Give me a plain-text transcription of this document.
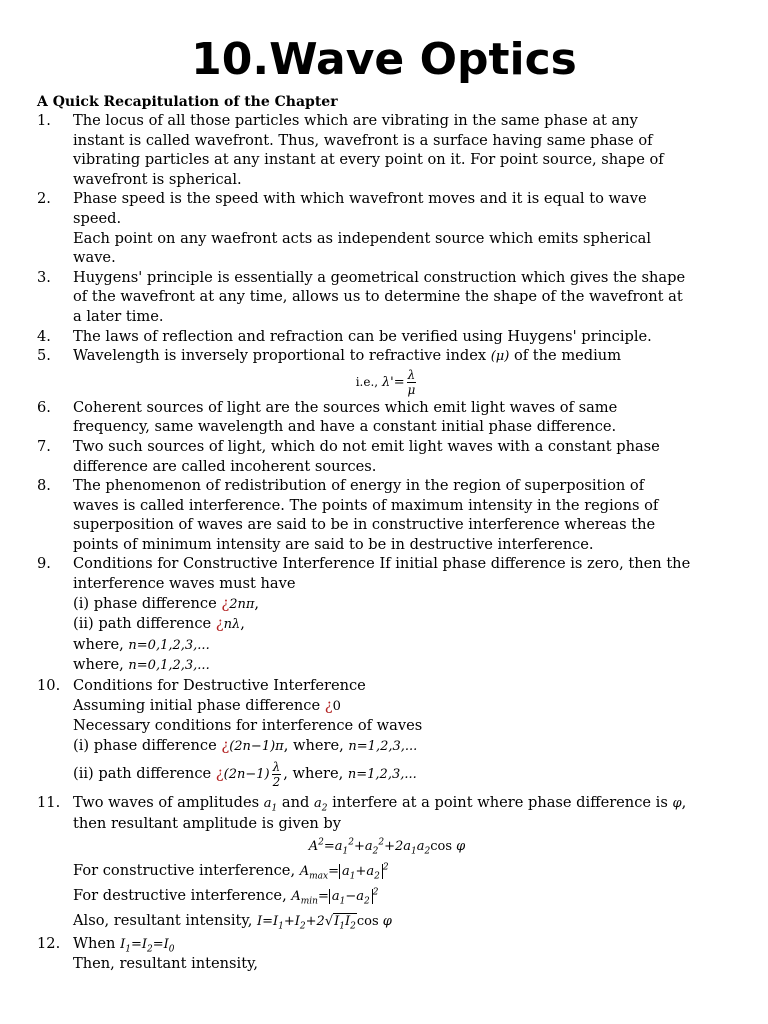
10.Wave Optics
A Quick Recapitulation of the Chapter
1. The locus of all those particles which are vibrating in the same phase at any
instant is called wavefront. Thus, wavefront is a surface having same phase of
vibrating particles at any instant at every point on it. For point source, shape of
wavefront is spherical.
2. Phase speed is the speed with which wavefront moves and it is equal to wave
speed.
Each point on any waefront acts as independent source which emits spherical
wave.
3. Huygens' principle is essentially a geometrical construction which gives the shape
of the wavefront at any time, allows us to determine the shape of the wavefront at
a later time.
4. The laws of reflection and refraction can be verified using Huygens' principle.
5. Wavelength is inversely proportional to refractive index (μ) of the medium
i.e., $\lambda'= \frac{\lambda}{\mu}$
6. Coherent sources of light are the sources which emit light waves of same
frequency, same wavelength and have a constant initial phase difference.
7. Two such sources of light, which do not emit light waves with a constant phase
difference are called incoherent sources.
8. The phenomenon of redistribution of energy in the region of superposition of
waves is called interference. The points of maximum intensity in the regions of
superposition of waves are said to be in constructive interference whereas the
points of minimum intensity are said to be in destructive interference.
9. Conditions for Constructive Interference If initial phase difference is zero, then the
interference waves must have
(i) phase difference ¿2nπ,
(ii) path difference ¿nλ,
where, n=0,1,2,3,...
where, n=0,1,2,3,...
10. Conditions for Destructive Interference
Assuming initial phase difference ¿0
Necessary conditions for interference of waves
(i) phase difference ¿(2n−1)π, where, n=1,2,3,...
(ii) path difference ¿$(2n-1) \frac{\lambda}{2}$ , where, n=1,2,3,...
11. Two waves of amplitudes $a_1$ and $a_2$ interfere at a point where phase difference is φ,
then resultant amplitude is given by
$A^2=a_1^2+a_2^2+2a_1a_2\cos$ φ
For constructive interference, $A_{max}= a_1+a_2^2$
For destructive interference, $A_{min}= a_1-a_2^2$
Also, resultant intensity, $I=I_1+I_2+2√I_1I_2\cos$ φ
12. When $I_1=I_2=I_0$
Then, resultant intensity,
